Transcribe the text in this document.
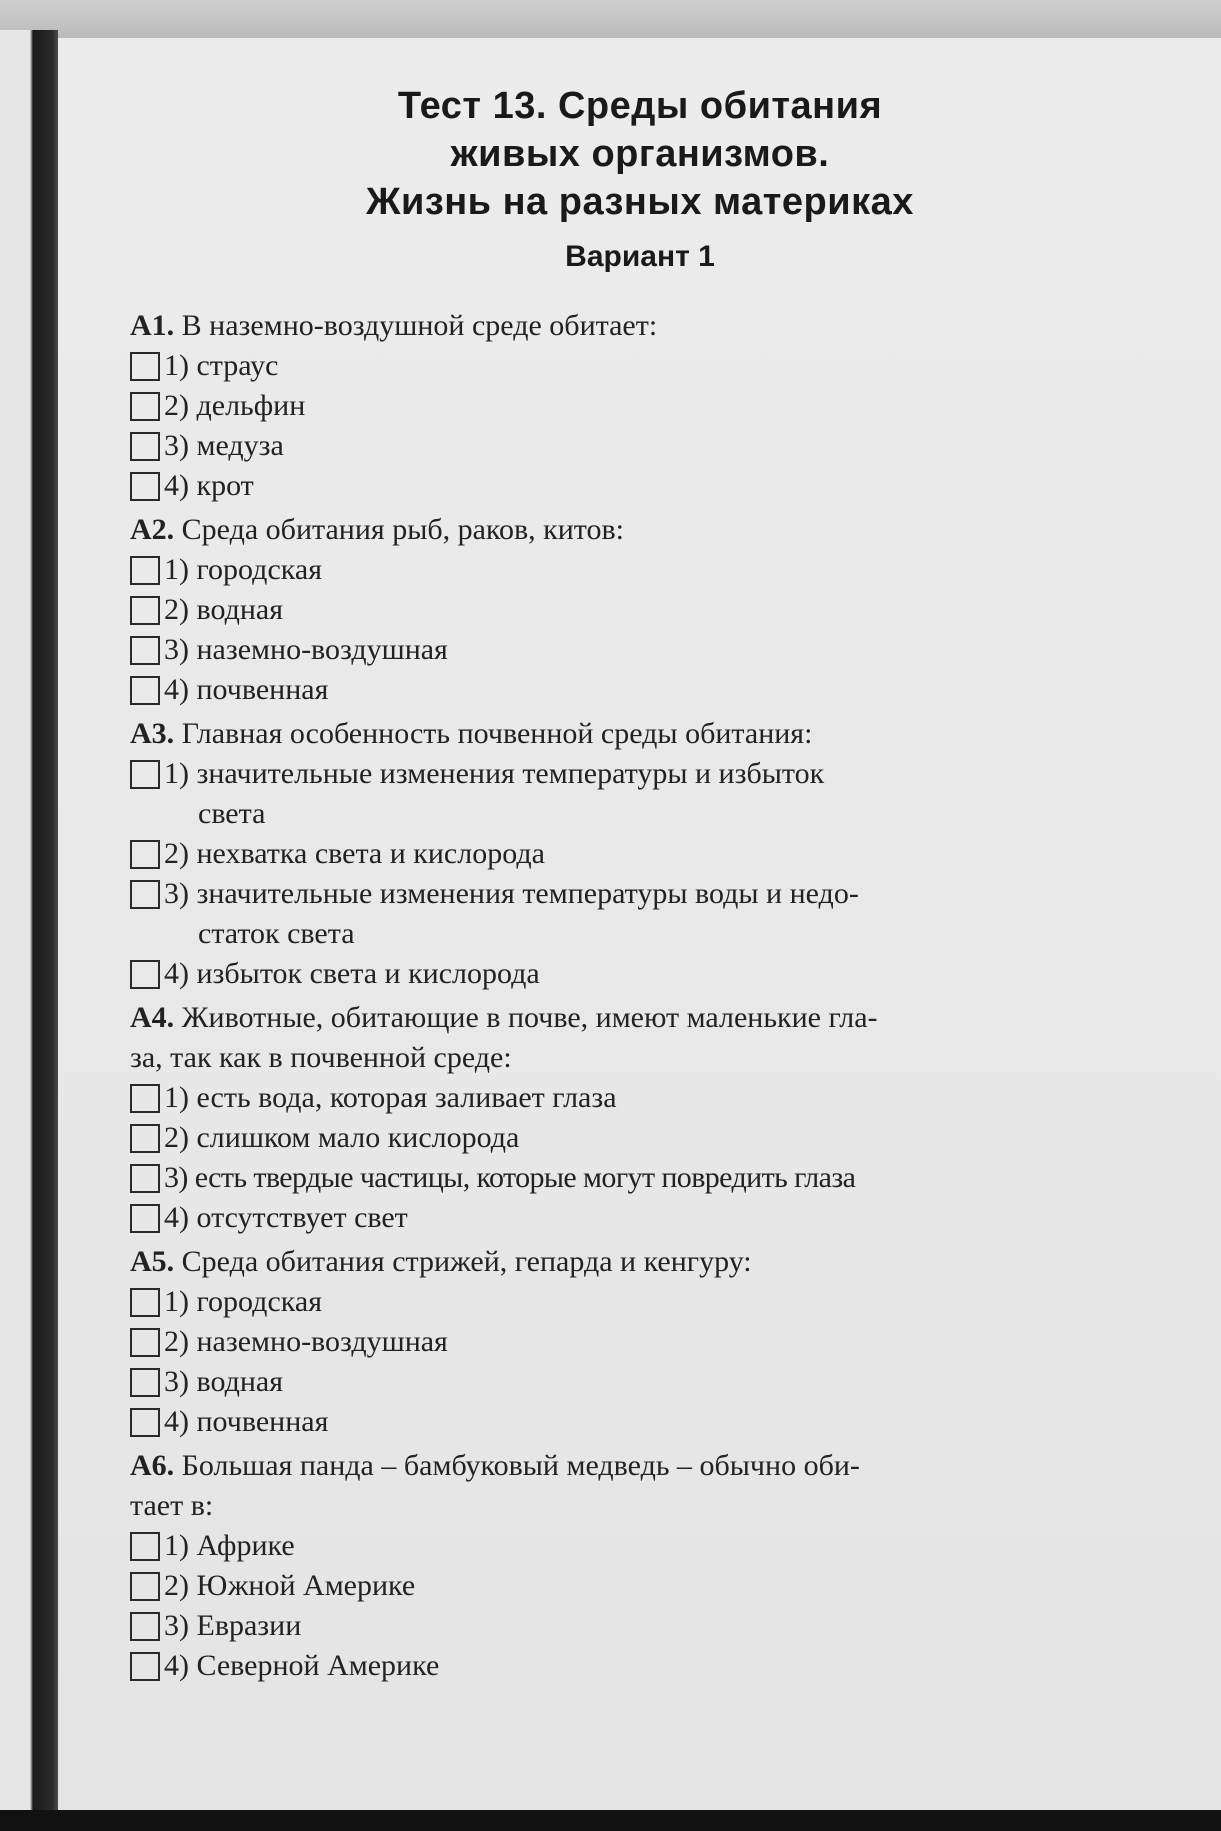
Тест 13. Среды обитания
живых организмов.
Жизнь на разных материках
Вариант 1

А1. В наземно-воздушной среде обитает:

1) страус
2) дельфин
3) медуза
4) крот

А2. Среда обитания рыб, раков, китов:

1) городская
2) водная
3) наземно-воздушная
4) почвенная

А3. Главная особенность почвенной среды обитания:

1) значительные изменения температуры и избыток
света
2) нехватка света и кислорода
3) значительные изменения температуры воды и недо-
статок света
4) избыток света и кислорода

А4. Животные, обитающие в почве, имеют маленькие гла-

за, так как в почвенной среде:

1) есть вода, которая заливает глаза
2) слишком мало кислорода
3) есть твердые частицы, которые могут повредить глаза
4) отсутствует свет

А5. Среда обитания стрижей, гепарда и кенгуру:

1) городская
2) наземно-воздушная
3) водная
4) почвенная

А6. Большая панда – бамбуковый медведь – обычно оби-

тает в:

1) Африке
2) Южной Америке
3) Евразии
4) Северной Америке
